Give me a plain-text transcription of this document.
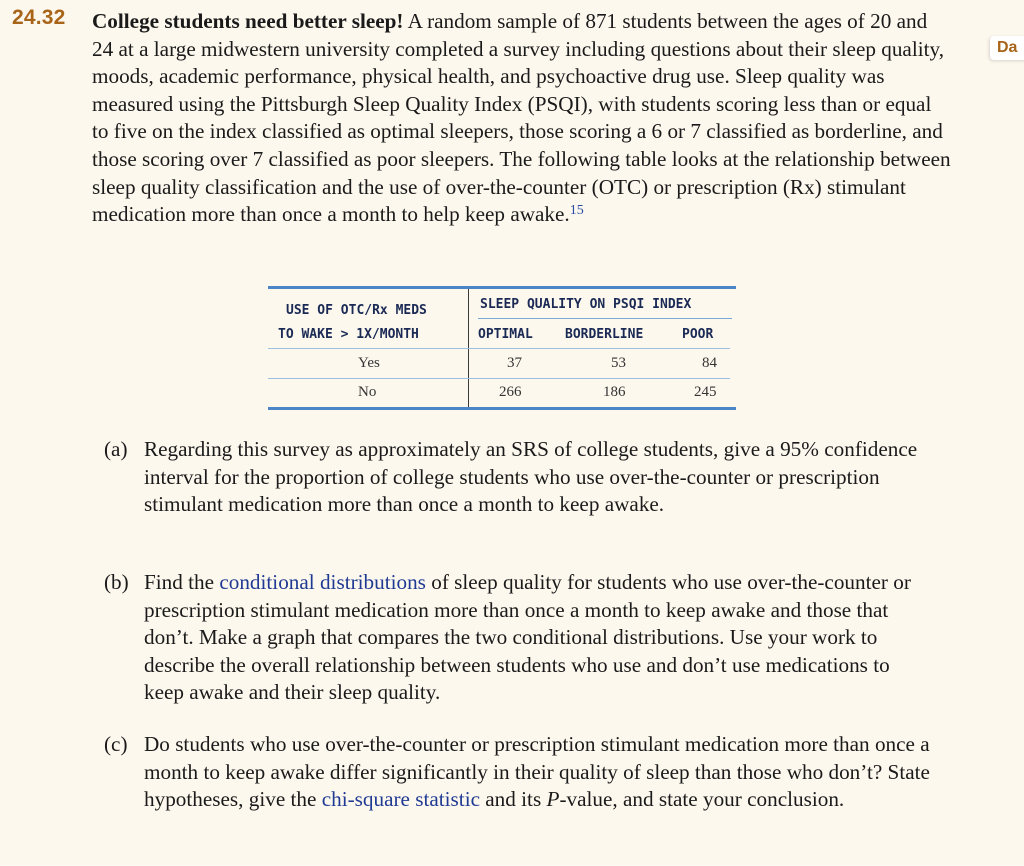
24.32
Da

College students need better sleep! A random sample of 871 students between the ages of 20 and 24 at a large midwestern university completed a survey including questions about their sleep quality, moods, academic performance, physical health, and psychoactive drug use. Sleep quality was measured using the Pittsburgh Sleep Quality Index (PSQI), with students scoring less than or equal to five on the index classified as optimal sleepers, those scoring a 6 or 7 classified as borderline, and those scoring over 7 classified as poor sleepers. The following table looks at the relationship between sleep quality classification and the use of over-the-counter (OTC) or prescription (Rx) stimulant medication more than once a month to help keep awake.$^{15}$

USE OF OTC/Rx MEDS
TO WAKE > 1X/MONTH
SLEEP QUALITY ON PSQI INDEX
OPTIMAL BORDERLINE	POOR
Yes	37	53	84
No	266	186	245
(a) Regarding this survey as approximately an SRS of college students, give a 95% confidence interval for the proportion of college students who use over-the-counter or prescription stimulant medication more than once a month to keep awake.
(b) Find the conditional distributions of sleep quality for students who use over-the-counter or prescription stimulant medication more than once a month to keep awake and those that don’t. Make a graph that compares the two conditional distributions. Use your work to describe the overall relationship between students who use and don’t use medications to keep awake and their sleep quality.
(c) Do students who use over-the-counter or prescription stimulant medication more than once a month to keep awake differ significantly in their quality of sleep than those who don’t? State hypotheses, give the chi-square statistic and its P-value, and state your conclusion.
